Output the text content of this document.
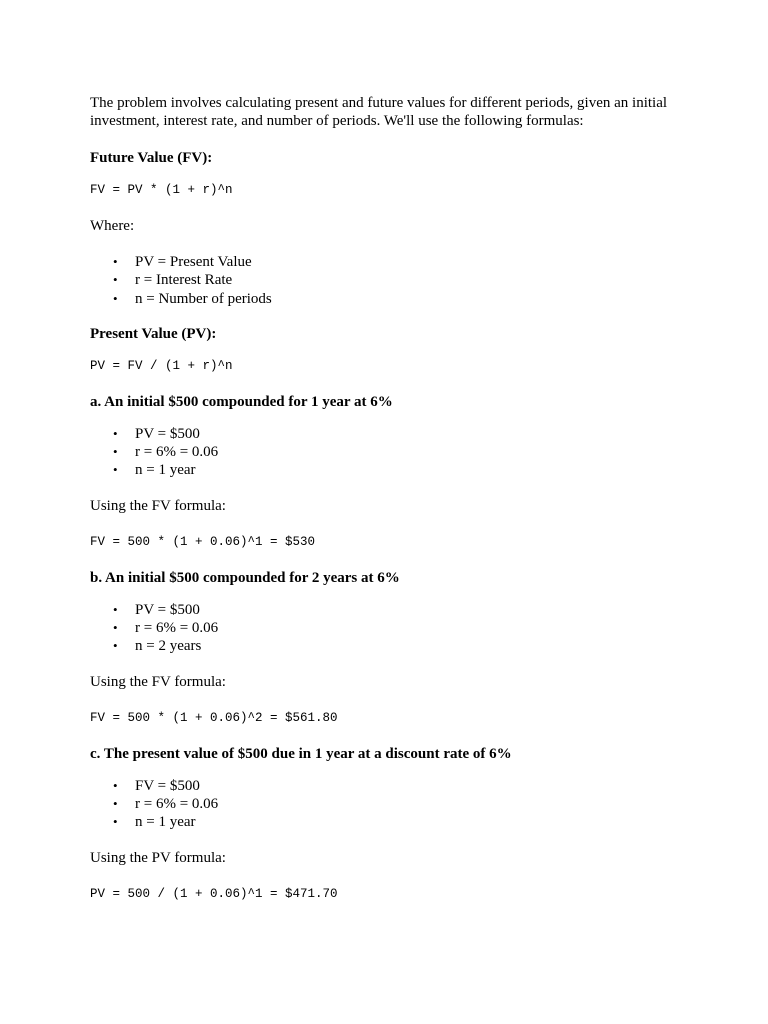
The problem involves calculating present and future values for different periods, given an initial investment, interest rate, and number of periods. We'll use the following formulas:

Future Value (FV):

FV = PV * (1 + r)^n

Where:

• PV = Present Value
• r = Interest Rate
• n = Number of periods

Present Value (PV):

PV = FV / (1 + r)^n

a. An initial $500 compounded for 1 year at 6%

• PV = $500
• r = 6% = 0.06
• n = 1 year

Using the FV formula:

FV = 500 * (1 + 0.06)^1 = $530

b. An initial $500 compounded for 2 years at 6%

• PV = $500
• r = 6% = 0.06
• n = 2 years

Using the FV formula:

FV = 500 * (1 + 0.06)^2 = $561.80

c. The present value of $500 due in 1 year at a discount rate of 6%

• FV = $500
• r = 6% = 0.06
• n = 1 year

Using the PV formula:

PV = 500 / (1 + 0.06)^1 = $471.70
